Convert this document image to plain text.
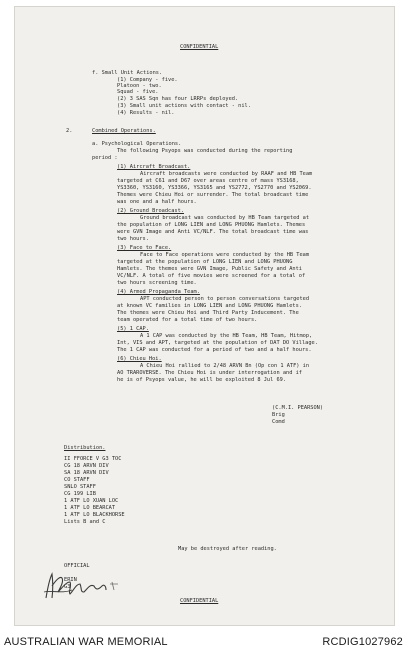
CONFIDENTIAL
f. Small Unit Actions.
(1) Company - five.
Platoon - two.
Squad - five.
(2) 3 SAS Sqn has four LRRPs deployed.
(3) Small unit actions with contact - nil.
(4) Results - nil.
2.	Combined Operations.
a. Psychological Operations.
The following Psyops was conducted during the reporting
period :
(1) Aircraft Broadcast.
Aircraft broadcasts were conducted by RAAF and HB Team
targeted at C61 and D67 over areas centre of mass YS3168,
YS3360, YS3160, YS3366, YS3165 and YS2772, YS2770 and YS2069.
Themes were Chieu Hoi or surrender. The total broadcast time
was one and a half hours.
(2) Ground Broadcast.
Ground broadcast was conducted by HB Team targeted at
the population of LONG LIEN and LONG PHUONG Hamlets. Themes
were GVN Image and Anti VC/NLF. The total broadcast time was
two hours.
(3) Face to Face.
Face to Face operations were conducted by the HB Team
targeted at the population of LONG LIEN and LONG PHUONG
Hamlets. The themes were GVN Image, Public Safety and Anti
VC/NLF. A total of five movies were screened for a total of
two hours screening time.
(4) Armed Propaganda Team.
APT conducted person to person conversations targeted
at known VC families in LONG LIEN and LONG PHUONG Hamlets.
The themes were Chieu Hoi and Third Party Inducement. The
team operated for a total time of two hours.
(5) 1 CAP.
A 1 CAP was conducted by the HB Team, HB Team, Hitmop,
Int, VIS and APT, targeted at the population of DAT DO Village.
The 1 CAP was conducted for a period of two and a half hours.
(6) Chieu Hoi.
A Chieu Hoi rallied to 2/48 ARVN Bn (Op con 1 ATF) in
AO TRAROVERSE. The Chieu Hoi is under interrogation and if
he is of Psyops value, he will be exploited 8 Jul 69.
(C.M.I. PEARSON)
Brig
Comd
Distribution.
II FFORCE V G3 TOC
CG 18 ARVN DIV
SA 18 ARVN DIV
CO STAFF
SNLO STAFF
CG 199 LIB
1 ATF LO XUAN LOC
1 ATF LO BEARCAT
1 ATF LO BLACKHORSE
Lists B and C
May be destroyed after reading.
OFFICIAL
ERIN
G3
CONFIDENTIAL
AUSTRALIAN WAR MEMORIAL	RCDIG1027962
